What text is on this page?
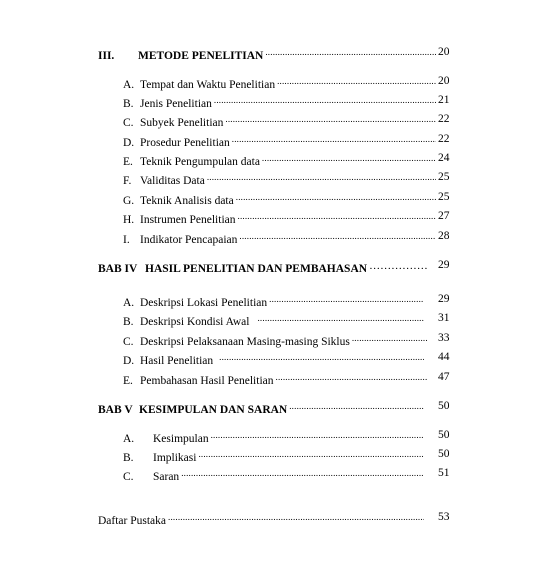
III.	METODE PENELITIAN .....	20
A. Tempat dan Waktu Penelitian .....	20
B. Jenis Penelitian .....	21
C. Subyek Penelitian .....	22
D. Prosedur Penelitian .....	22
E. Teknik Pengumpulan data .....	24
F. Validitas Data .....	25
G. Teknik Analisis data .....	25
H. Instrumen Penelitian .....	27
I. Indikator Pencapaian .....	28
BAB IV HASIL PENELITIAN DAN PEMBAHASAN …………………………………………………………………	29
A. Deskripsi Lokasi Penelitian .....	29
B. Deskripsi Kondisi Awal .....	31
C. Deskripsi Pelaksanaan Masing-masing Siklus .....	33
D. Hasil Penelitian .....	44
E. Pembahasan Hasil Penelitian .....	47
BAB V KESIMPULAN DAN SARAN .....	50
A.	Kesimpulan .....	50
B.	Implikasi .....	50
C.	Saran .....	51
Daftar Pustaka .....	53
